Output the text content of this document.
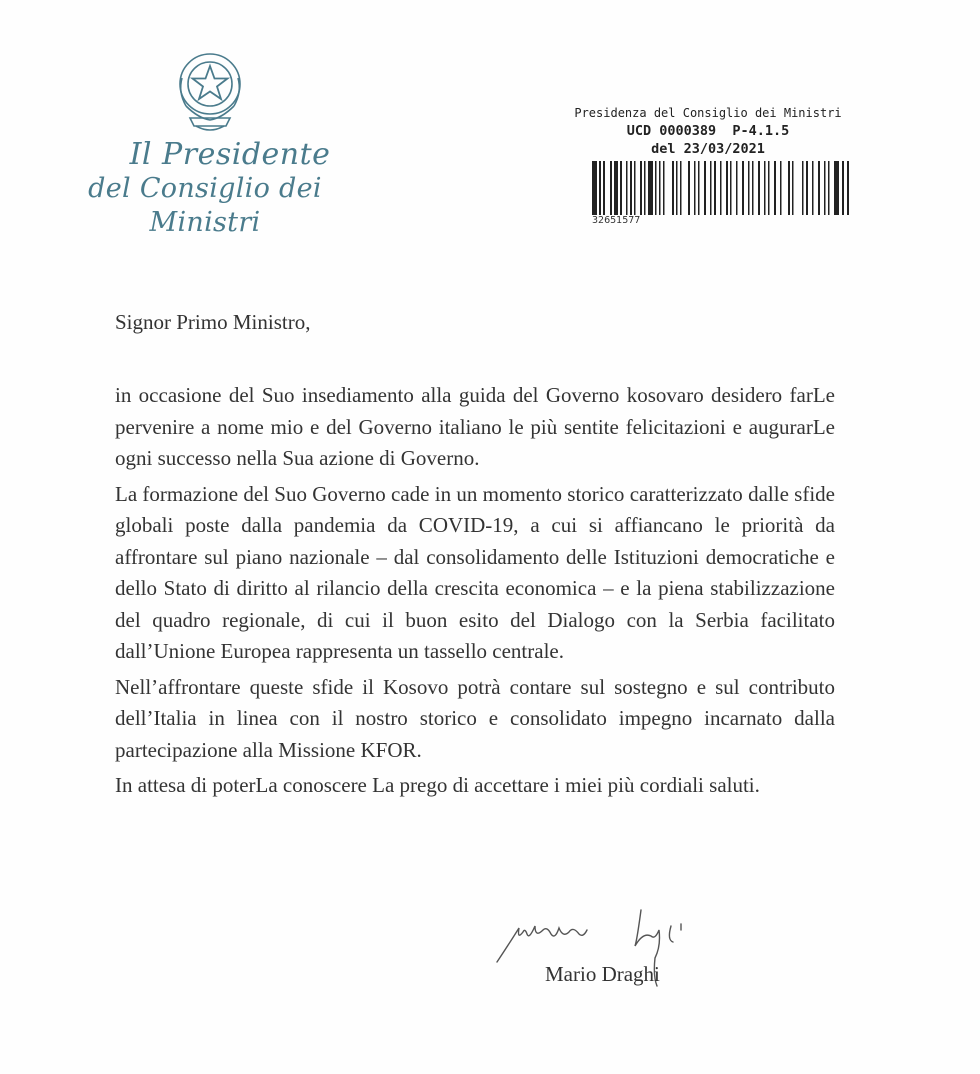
Il Presidente
del Consiglio dei Ministri
Presidenza del Consiglio dei Ministri
UCD 0000389  P-4.1.5
del 23/03/2021
32651577
Signor Primo Ministro,

in occasione del Suo insediamento alla guida del Governo kosovaro desidero farLe pervenire a nome mio e del Governo italiano le più sentite felicitazioni e augurarLe ogni successo nella Sua azione di Governo.

La formazione del Suo Governo cade in un momento storico caratterizzato dalle sfide globali poste dalla pandemia da COVID-19, a cui si affiancano le priorità da affrontare sul piano nazionale – dal consolidamento delle Istituzioni democratiche e dello Stato di diritto al rilancio della crescita economica – e la piena stabilizzazione del quadro regionale, di cui il buon esito del Dialogo con la Serbia facilitato dall’Unione Europea rappresenta un tassello centrale.

Nell’affrontare queste sfide il Kosovo potrà contare sul sostegno e sul contributo dell’Italia in linea con il nostro storico e consolidato impegno incarnato dalla partecipazione alla Missione KFOR.

In attesa di poterLa conoscere La prego di accettare i miei più cordiali saluti.

Mario Draghi
